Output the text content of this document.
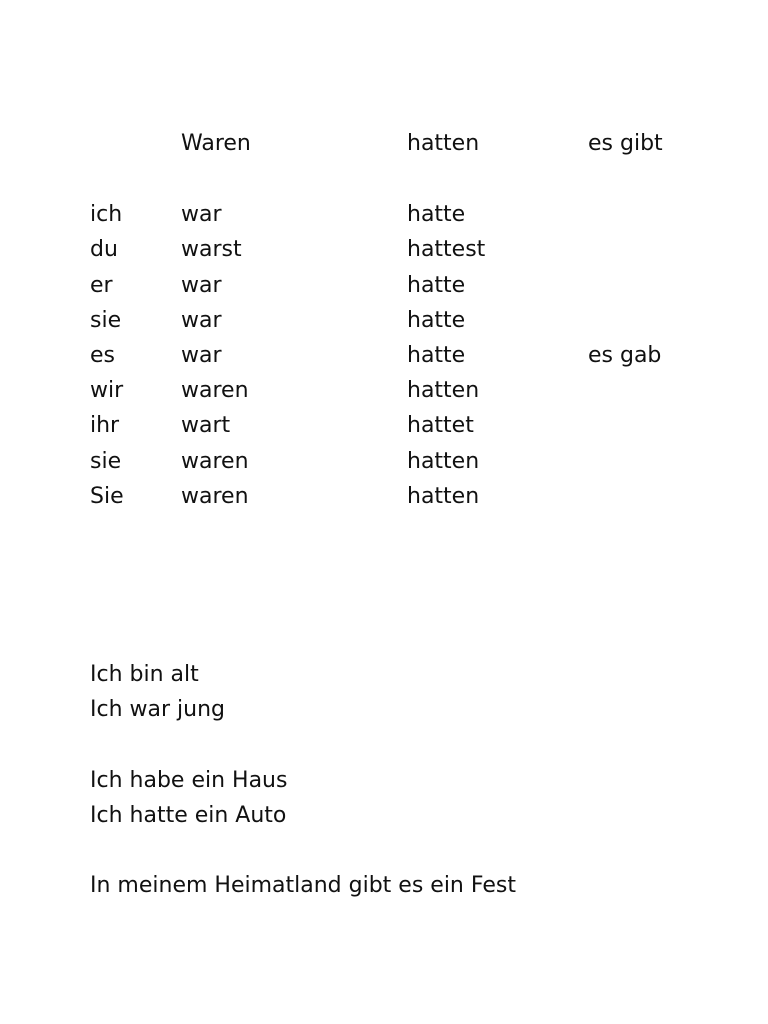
	Waren	hatten	es gibt

ich	war	hatte	
du	warst	hattest	
er	war	hatte	
sie	war	hatte	
es	war	hatte	es gab
wir	waren	hatten	
ihr	wart	hattet	
sie	waren	hatten	
Sie	waren	hatten	

Ich bin alt

Ich war jung

Ich habe ein Haus

Ich hatte ein Auto

In meinem Heimatland gibt es ein Fest
